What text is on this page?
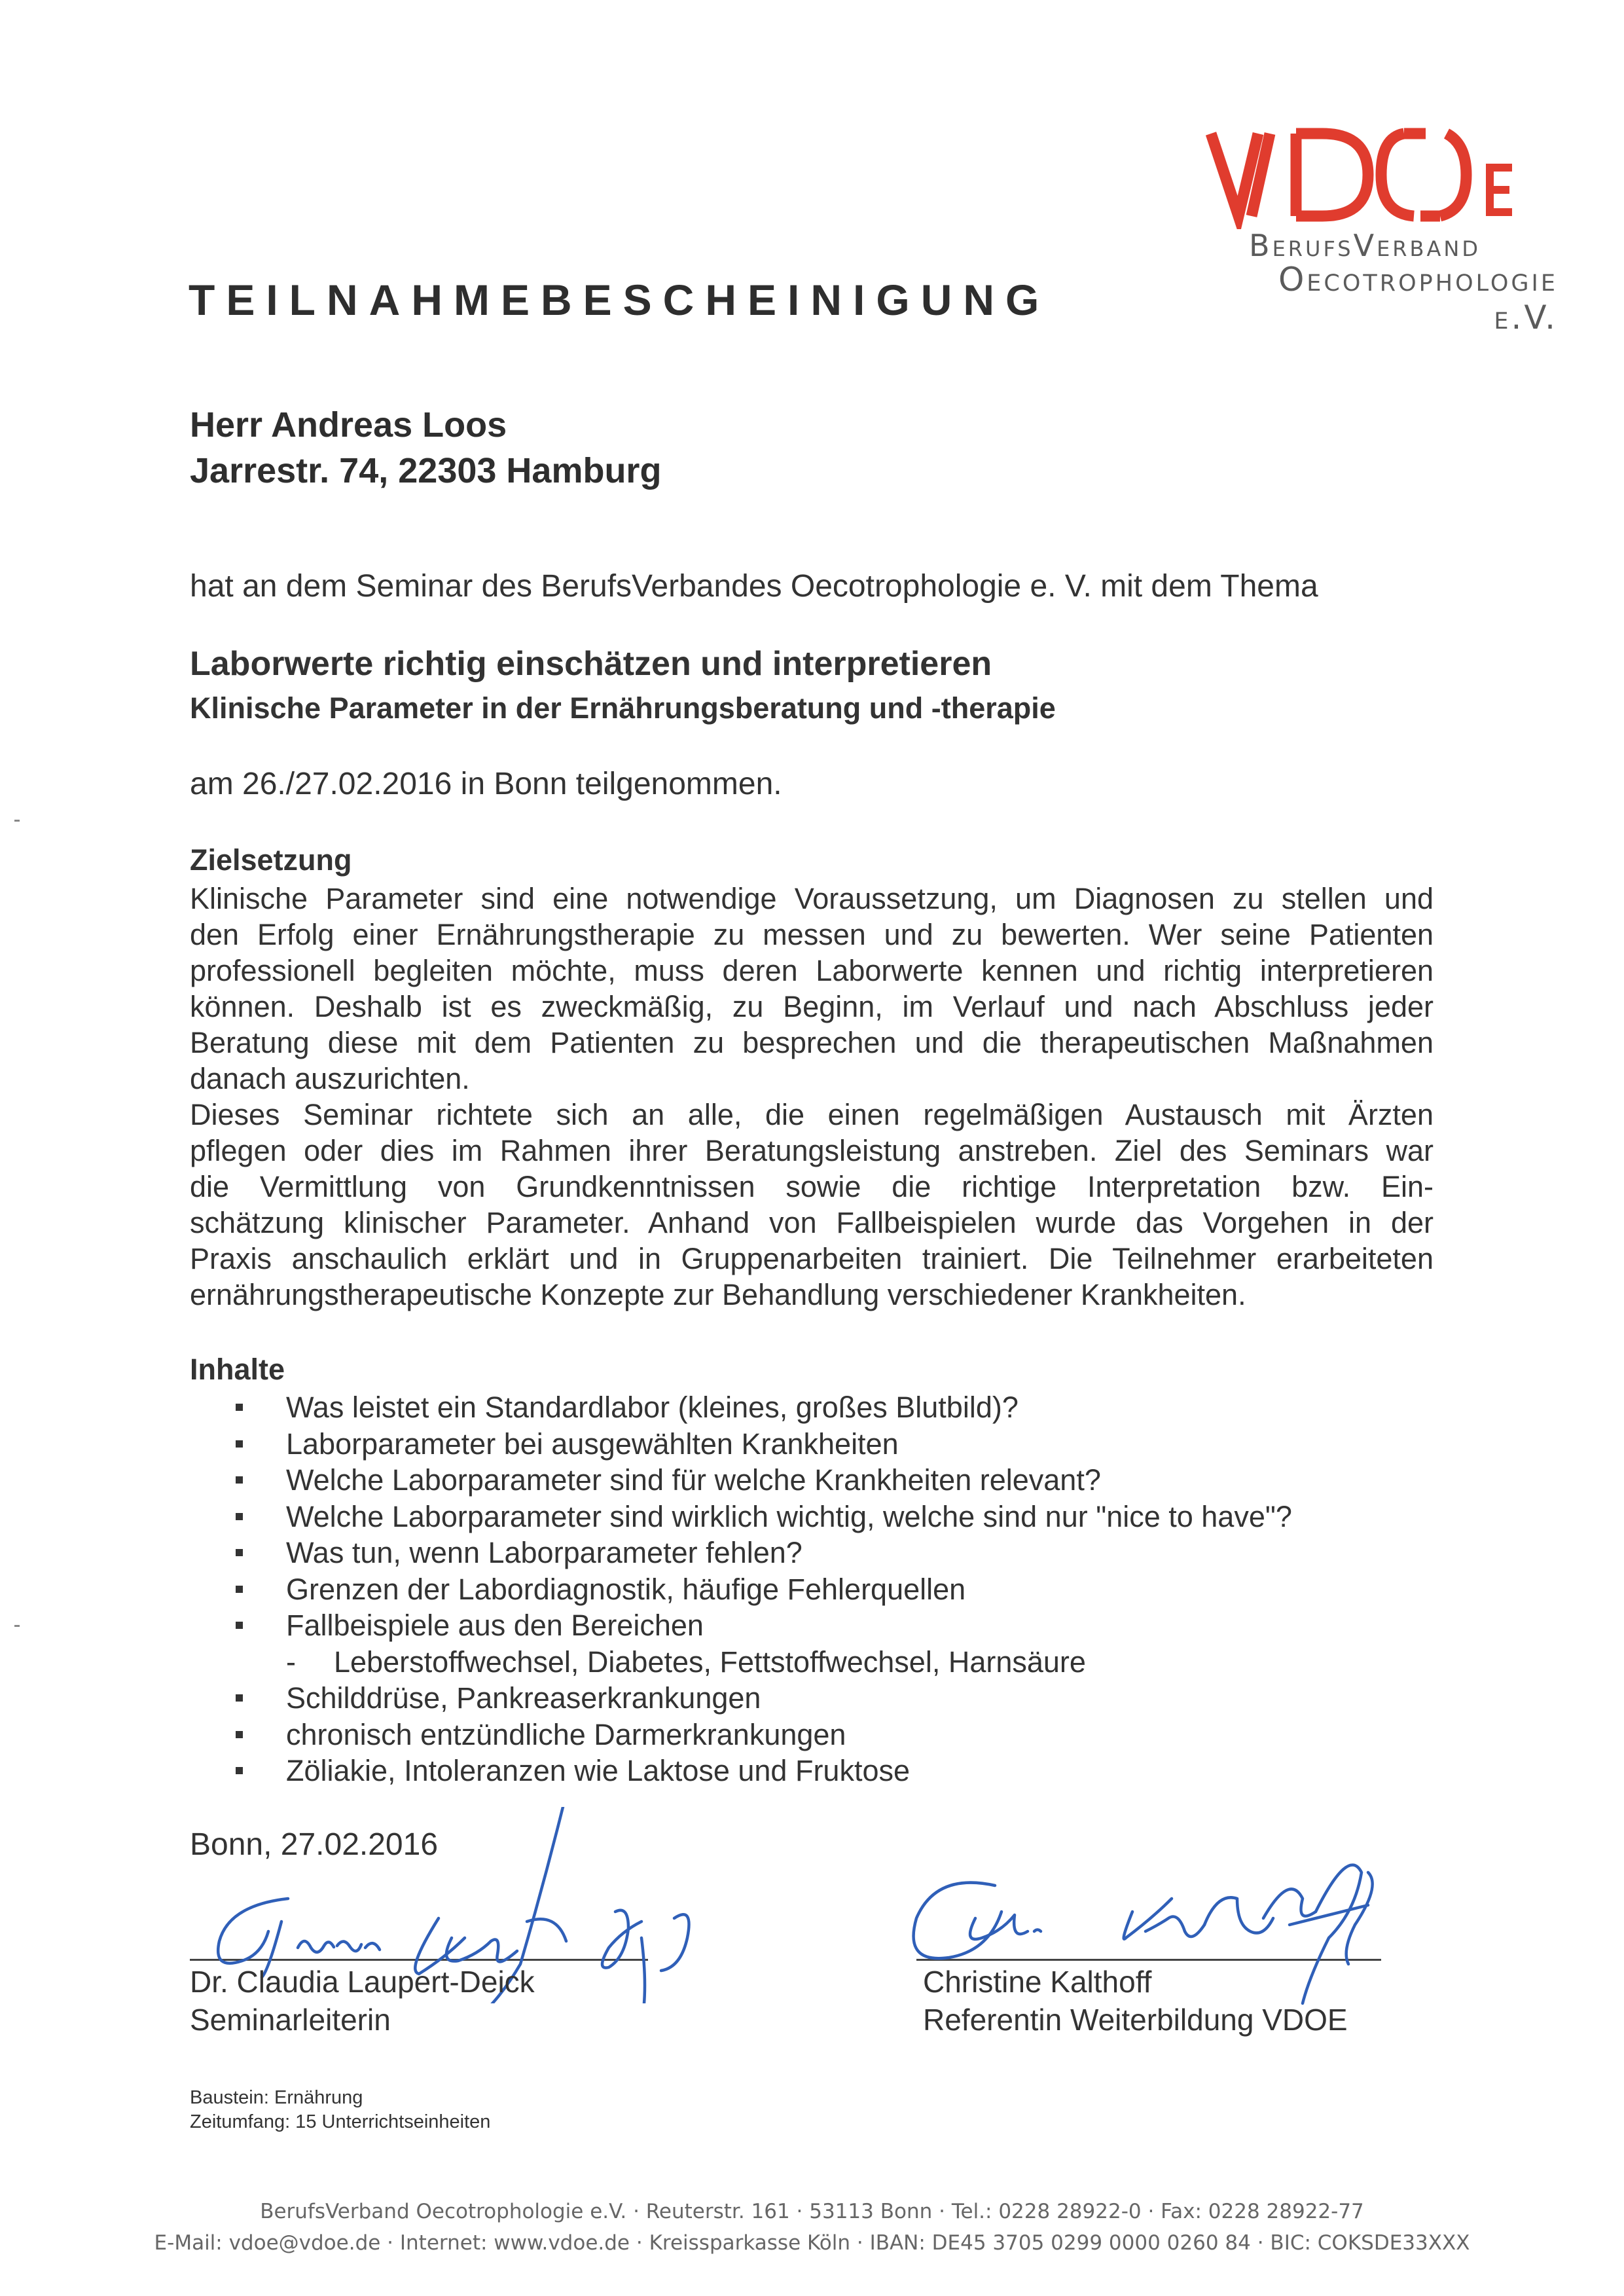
BerufsVerband
Oecotrophologie e.V.
TEILNAHMEBESCHEINIGUNG
Herr Andreas Loos
Jarrestr. 74, 22303 Hamburg
hat an dem Seminar des BerufsVerbandes Oecotrophologie e. V. mit dem Thema
Laborwerte richtig einschätzen und interpretieren
Klinische Parameter in der Ernährungsberatung und -therapie
am 26./27.02.2016 in Bonn teilgenommen.
Zielsetzung
Klinische Parameter sind eine notwendige Voraussetzung, um Diagnosen zu stellen und
den Erfolg einer Ernährungstherapie zu messen und zu bewerten. Wer seine Patienten
professionell begleiten möchte, muss deren Laborwerte kennen und richtig interpretieren
können. Deshalb ist es zweckmäßig, zu Beginn, im Verlauf und nach Abschluss jeder
Beratung diese mit dem Patienten zu besprechen und die therapeutischen Maßnahmen
danach auszurichten.
Dieses Seminar richtete sich an alle, die einen regelmäßigen Austausch mit Ärzten
pflegen oder dies im Rahmen ihrer Beratungsleistung anstreben. Ziel des Seminars war
die Vermittlung von Grundkenntnissen sowie die richtige Interpretation bzw. Ein-
schätzung klinischer Parameter. Anhand von Fallbeispielen wurde das Vorgehen in der
Praxis anschaulich erklärt und in Gruppenarbeiten trainiert. Die Teilnehmer erarbeiteten
ernährungstherapeutische Konzepte zur Behandlung verschiedener Krankheiten.
Inhalte
Was leistet ein Standardlabor (kleines, großes Blutbild)?
Laborparameter bei ausgewählten Krankheiten
Welche Laborparameter sind für welche Krankheiten relevant?
Welche Laborparameter sind wirklich wichtig, welche sind nur "nice to have"?
Was tun, wenn Laborparameter fehlen?
Grenzen der Labordiagnostik, häufige Fehlerquellen
Fallbeispiele aus den Bereichen
- Leberstoffwechsel, Diabetes, Fettstoffwechsel, Harnsäure
Schilddrüse, Pankreaserkrankungen
chronisch entzündliche Darmerkrankungen
Zöliakie, Intoleranzen wie Laktose und Fruktose
Bonn, 27.02.2016
Dr. Claudia Laupert-Deick
Seminarleiterin
Christine Kalthoff
Referentin Weiterbildung VDOE
Baustein: Ernährung
Zeitumfang: 15 Unterrichtseinheiten
BerufsVerband Oecotrophologie e.V. · Reuterstr. 161 · 53113 Bonn · Tel.: 0228 28922-0 · Fax: 0228 28922-77
E-Mail: vdoe@vdoe.de · Internet: www.vdoe.de · Kreissparkasse Köln · IBAN: DE45 3705 0299 0000 0260 84 · BIC: COKSDE33XXX
